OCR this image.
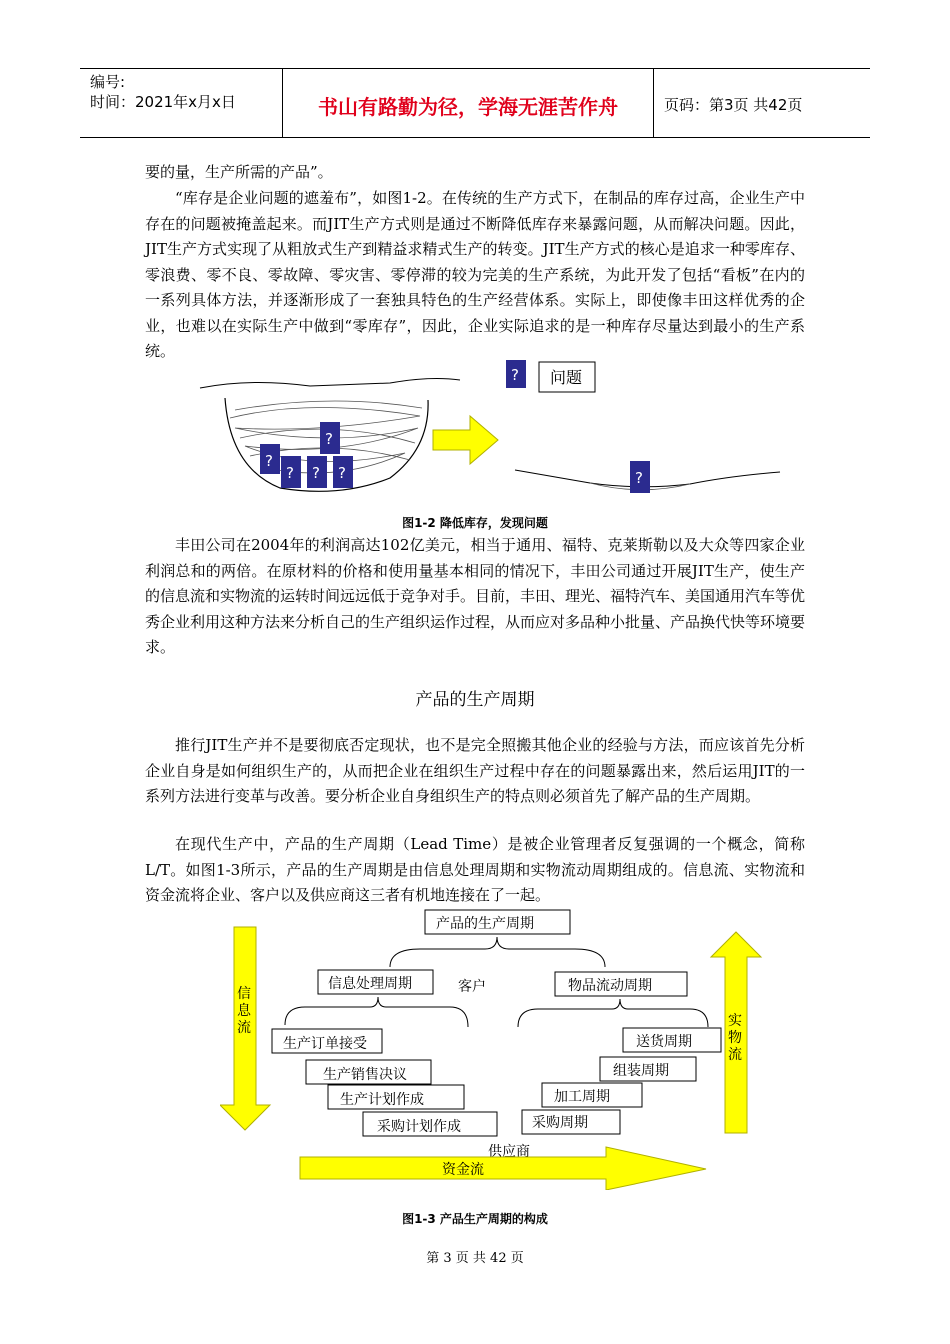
编号:
时间：2021年x月x日	书山有路勤为径，学海无涯苦作舟	页码：第3页 共42页
要的量，生产所需的产品”。
“库存是企业问题的遮羞布”，如图1-2。在传统的生产方式下，在制品的库存过高，企业生产中存在的问题被掩盖起来。而JIT生产方式则是通过不断降低库存来暴露问题，从而解决问题。因此，JIT生产方式实现了从粗放式生产到精益求精式生产的转变。JIT生产方式的核心是追求一种零库存、零浪费、零不良、零故障、零灾害、零停滞的较为完美的生产系统，为此开发了包括“看板”在内的一系列具体方法，并逐渐形成了一套独具特色的生产经营体系。实际上，即使像丰田这样优秀的企业，也难以在实际生产中做到“零库存”，因此，企业实际追求的是一种库存尽量达到最小的生产系统。
?
? ?
?
?	?
? 问题
图1-2 降低库存，发现问题
丰田公司在2004年的利润高达102亿美元，相当于通用、福特、克莱斯勒以及大众等四家企业利润总和的两倍。在原材料的价格和使用量基本相同的情况下，丰田公司通过开展JIT生产，使生产的信息流和实物流的运转时间远远低于竞争对手。目前，丰田、理光、福特汽车、美国通用汽车等优秀企业利用这种方法来分析自己的生产组织运作过程，从而应对多品种小批量、产品换代快等环境要求。
产品的生产周期
推行JIT生产并不是要彻底否定现状，也不是完全照搬其他企业的经验与方法，而应该首先分析企业自身是如何组织生产的，从而把企业在组织生产过程中存在的问题暴露出来，然后运用JIT的一系列方法进行变革与改善。要分析企业自身组织生产的特点则必须首先了解产品的生产周期。
在现代生产中，产品的生产周期（Lead Time）是被企业管理者反复强调的一个概念，简称L/T。如图1-3所示，产品的生产周期是由信息处理周期和实物流动周期组成的。信息流、实物流和资金流将企业、客户以及供应商这三者有机地连接在了一起。
产品的生产周期
信息处理周期	客户	物品流动周期
信
息
流	实
物
流
生产订单接受
生产销售决议
生产计划作成
采购计划作成
送货周期
组装周期
加工周期
采购周期
供应商
资金流
图1-3 产品生产周期的构成
第 3 页 共 42 页
